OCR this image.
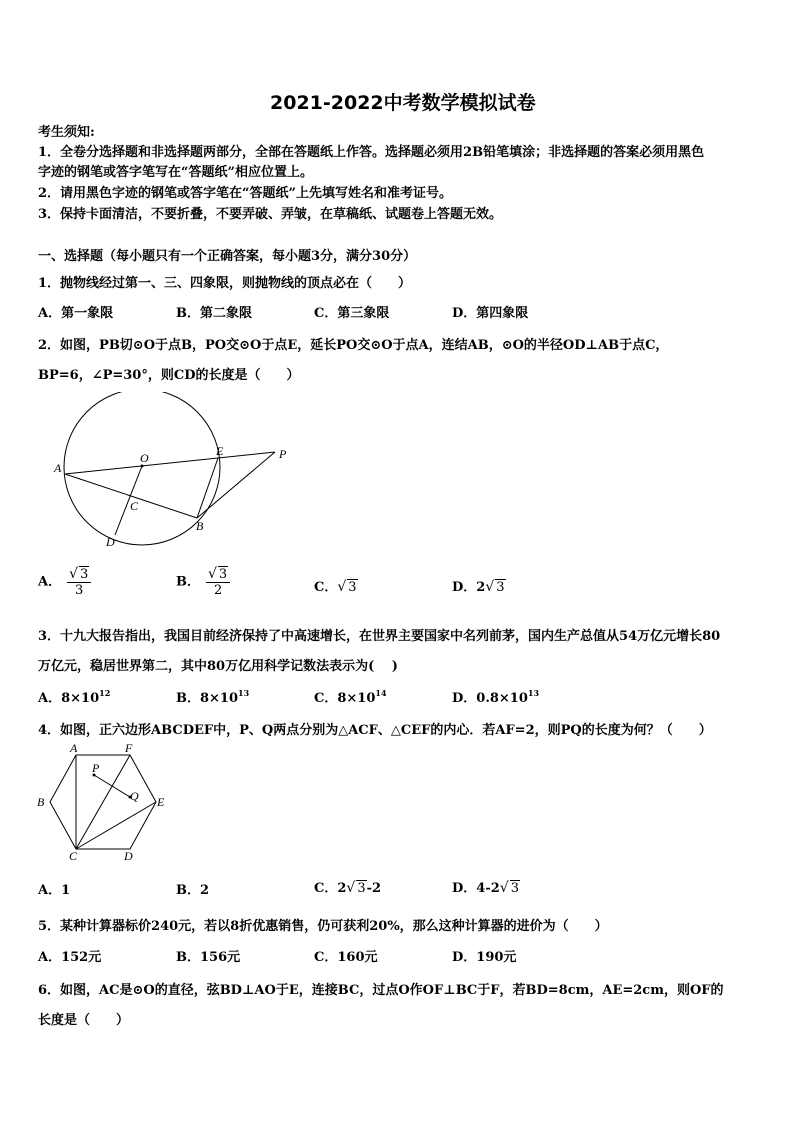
2021-2022中考数学模拟试卷
考生须知:
1．全卷分选择题和非选择题两部分，全部在答题纸上作答。选择题必须用2B铅笔填涂；非选择题的答案必须用黑色
字迹的钢笔或答字笔写在“答题纸”相应位置上。
2．请用黑色字迹的钢笔或答字笔在“答题纸”上先填写姓名和准考证号。
3．保持卡面清洁，不要折叠，不要弄破、弄皱，在草稿纸、试题卷上答题无效。
一、选择题（每小题只有一个正确答案，每小题3分，满分30分）
1．抛物线经过第一、三、四象限，则抛物线的顶点必在（　　）
A．第一象限	B．第二象限	C．第三象限	D．第四象限
2．如图，PB切⊙O于点B，PO交⊙O于点E，延长PO交⊙O于点A，连结AB，⊙O的半径OD⊥AB于点C，
BP=6，∠P=30°，则CD的长度是（　　）
A
O	E	P
C
B
D
A． $\frac{√ 3}{3}$	B． $\frac{√ 3}{2}$	C．√ 3	D．2√ 3
3．十九大报告指出，我国目前经济保持了中高速增长，在世界主要国家中名列前茅，国内生产总值从54万亿元增长80
万亿元，稳居世界第二，其中80万亿用科学记数法表示为(　 )
A．$8\times 10^{12}$	B．$8\times 10^{13}$	C．$8\times 10^{14}$	D．$0.8\times 10^{13}$
4．如图，正六边形ABCDEF中，P、Q两点分别为△ACF、△CEF的内心．若AF=2，则PQ的长度为何？（　　）
A	F
B	E
C	D
P
Q
A．1	B．2	C．2√ 3-2	D．4-2√ 3
5．某种计算器标价240元，若以8折优惠销售，仍可获利20%，那么这种计算器的进价为（　　）
A．152元	B．156元	C．160元	D．190元
6．如图，AC是⊙O的直径，弦BD⊥AO于E，连接BC，过点O作OF⊥BC于F，若BD=8cm，AE=2cm，则OF的
长度是（　　）
